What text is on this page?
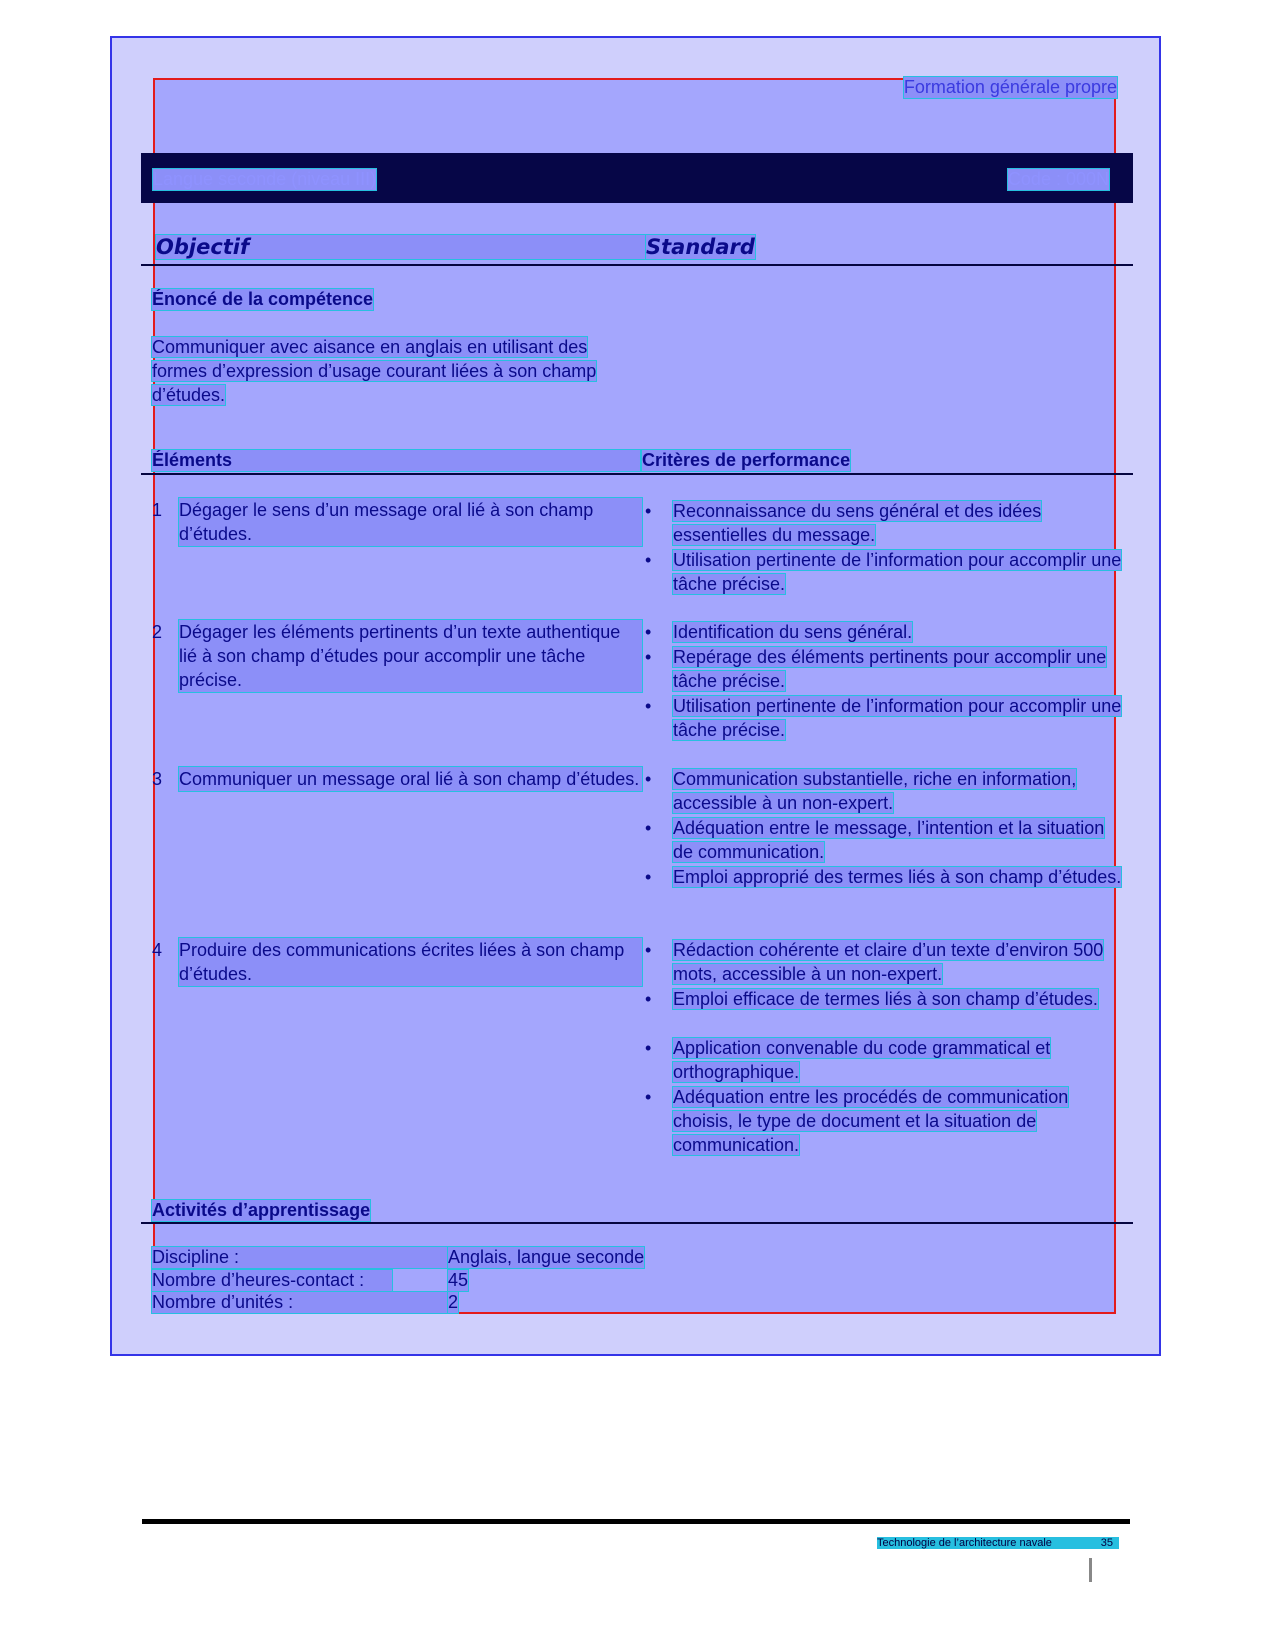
Formation générale propre
Langue seconde (niveau III)	Code : 000N
Objectif	Standard
Énoncé de la compétence
Communiquer avec aisance en anglais en utilisant des formes d’expression d’usage courant liées à son champ d’études.
Éléments	Critères de performance
1 Dégager le sens d’un message oral lié à son champ d’études.
• Reconnaissance du sens général et des idées essentielles du message.
• Utilisation pertinente de l’information pour accomplir une tâche précise.
2 Dégager les éléments pertinents d’un texte authentique lié à son champ d’études pour accomplir une tâche précise.
• Identification du sens général.
• Repérage des éléments pertinents pour accomplir une tâche précise.
• Utilisation pertinente de l’information pour accomplir une tâche précise.
3 Communiquer un message oral lié à son champ d’études. • Communication substantielle, riche en information, accessible à un non-expert.
• Adéquation entre le message, l’intention et la situation de communication.
• Emploi approprié des termes liés à son champ d’études.
4 Produire des communications écrites liées à son champ d’études.
• Rédaction cohérente et claire d’un texte d’environ 500 mots, accessible à un non-expert.
• Emploi efficace de termes liés à son champ d’études.
• Application convenable du code grammatical et orthographique.
• Adéquation entre les procédés de communication choisis, le type de document et la situation de communication.
Activités d’apprentissage
Discipline :	Anglais, langue seconde
Nombre d’heures-contact :	45
Nombre d’unités :	2
Technologie de l’architecture navale	35
